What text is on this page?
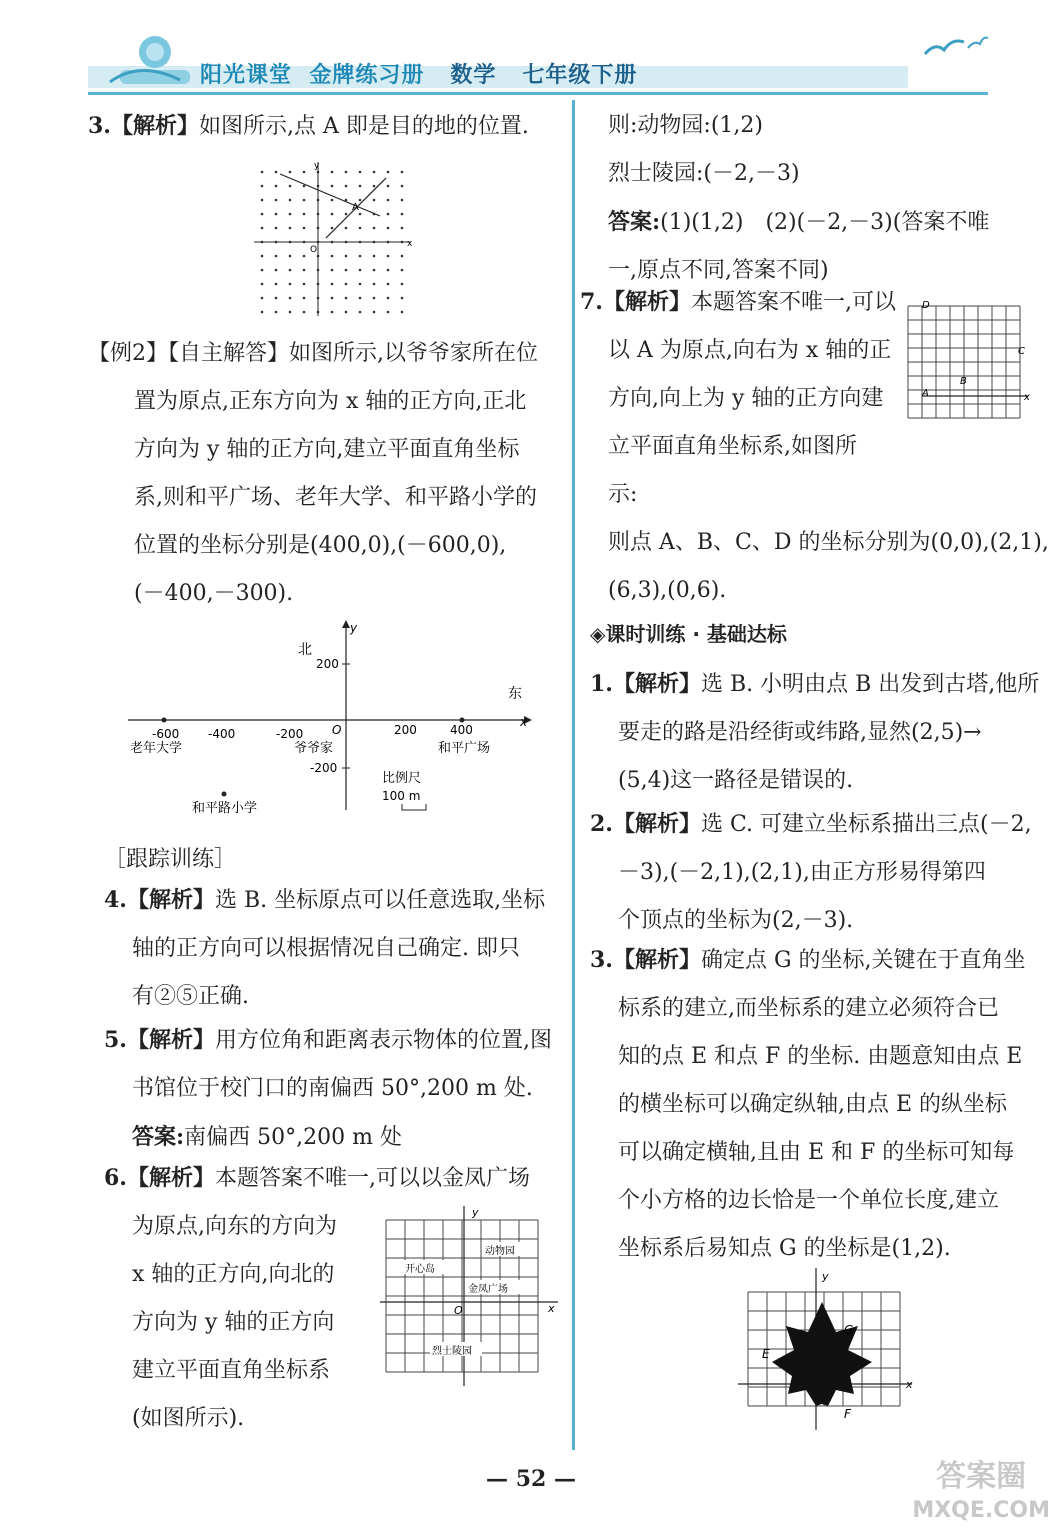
阳光课堂 金牌练习册 数学 七年级下册
3.【解析】如图所示,点 A 即是目的地的位置.
y
x
O
A
【例2】【自主解答】如图所示,以爷爷家所在位
置为原点,正东方向为 x 轴的正方向,正北
方向为 y 轴的正方向,建立平面直角坐标
系,则和平广场、老年大学、和平路小学的
位置的坐标分别是(400,0),(－600,0),
(－400,－300).
北
东
y
x
O
200
-200
-600 -400	-200	200	400
老年大学	爷爷家	和平广场
和平路小学
比例尺
100 m
［跟踪训练］
4.【解析】选 B. 坐标原点可以任意选取,坐标
轴的正方向可以根据情况自己确定. 即只
有②⑤正确.
5.【解析】用方位角和距离表示物体的位置,图
书馆位于校门口的南偏西 50°,200 m 处.
答案:南偏西 50°,200 m 处
6.【解析】本题答案不唯一,可以以金凤广场
为原点,向东的方向为
x 轴的正方向,向北的
方向为 y 轴的正方向
建立平面直角坐标系
(如图所示).
y
x
O
动物园
开心岛
金凤广场
烈士陵园
则:动物园:(1,2)
烈士陵园:(－2,－3)
答案:(1)(1,2)　(2)(－2,－3)(答案不唯
一,原点不同,答案不同)
7.【解析】本题答案不唯一,可以
以 A 为原点,向右为 x 轴的正
方向,向上为 y 轴的正方向建
立平面直角坐标系,如图所
示:
则点 A、B、C、D 的坐标分别为(0,0),(2,1),
(6,3),(0,6).
x
D
C
B
A
◈课时训练 · 基础达标
1.【解析】选 B. 小明由点 B 出发到古塔,他所
要走的路是沿经街或纬路,显然(2,5)→
(5,4)这一路径是错误的.
2.【解析】选 C. 可建立坐标系描出三点(－2,
－3),(－2,1),(2,1),由正方形易得第四
个顶点的坐标为(2,－3).
3.【解析】确定点 G 的坐标,关键在于直角坐
标系的建立,而坐标系的建立必须符合已
知的点 E 和点 F 的坐标. 由题意知由点 E
的横坐标可以确定纵轴,由点 E 的纵坐标
可以确定横轴,且由 E 和 F 的坐标可知每
个小方格的边长恰是一个单位长度,建立
坐标系后易知点 G 的坐标是(1,2).
y
x
G
E
F
— 52 —	答案圈
MXQE.COM
